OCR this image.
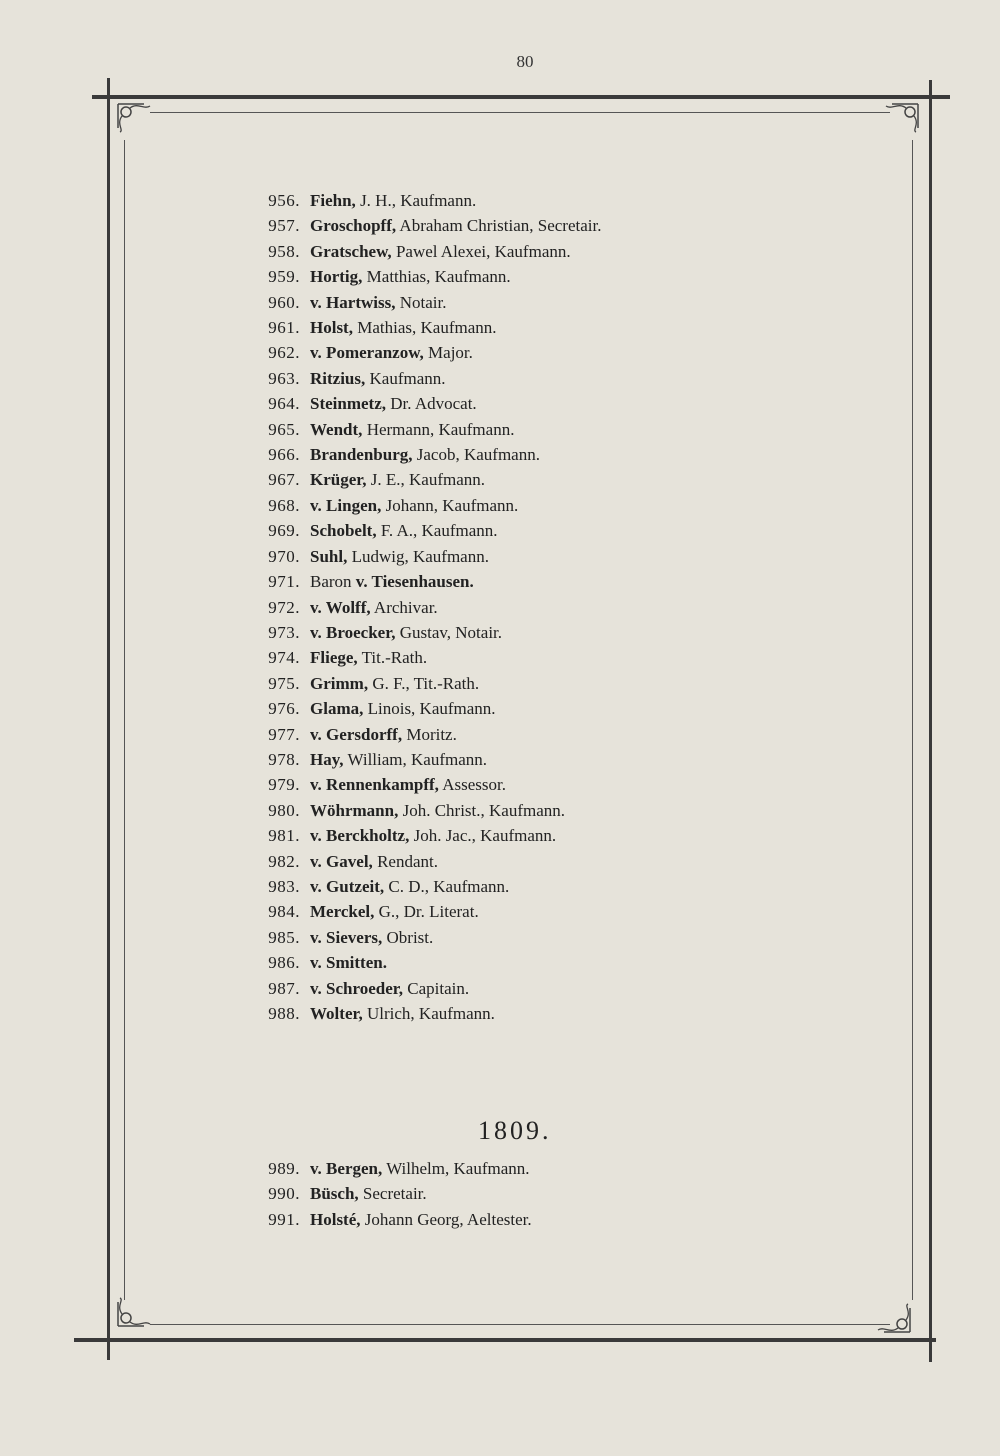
80
956. Fiehn, J. H., Kaufmann.
957. Groschopff, Abraham Christian, Secretair.
958. Gratschew, Pawel Alexei, Kaufmann.
959. Hortig, Matthias, Kaufmann.
960. v. Hartwiss, Notair.
961. Holst, Mathias, Kaufmann.
962. v. Pomeranzow, Major.
963. Ritzius, Kaufmann.
964. Steinmetz, Dr. Advocat.
965. Wendt, Hermann, Kaufmann.
966. Brandenburg, Jacob, Kaufmann.
967. Krüger, J. E., Kaufmann.
968. v. Lingen, Johann, Kaufmann.
969. Schobelt, F. A., Kaufmann.
970. Suhl, Ludwig, Kaufmann.
971. Baron v. Tiesenhausen.
972. v. Wolff, Archivar.
973. v. Broecker, Gustav, Notair.
974. Fliege, Tit.-Rath.
975. Grimm, G. F., Tit.-Rath.
976. Glama, Linois, Kaufmann.
977. v. Gersdorff, Moritz.
978. Hay, William, Kaufmann.
979. v. Rennenkampff, Assessor.
980. Wöhrmann, Joh. Christ., Kaufmann.
981. v. Berckholtz, Joh. Jac., Kaufmann.
982. v. Gavel, Rendant.
983. v. Gutzeit, C. D., Kaufmann.
984. Merckel, G., Dr. Literat.
985. v. Sievers, Obrist.
986. v. Smitten.
987. v. Schroeder, Capitain.
988. Wolter, Ulrich, Kaufmann.
1809.
989. v. Bergen, Wilhelm, Kaufmann.
990. Büsch, Secretair.
991. Holsté, Johann Georg, Aeltester.
